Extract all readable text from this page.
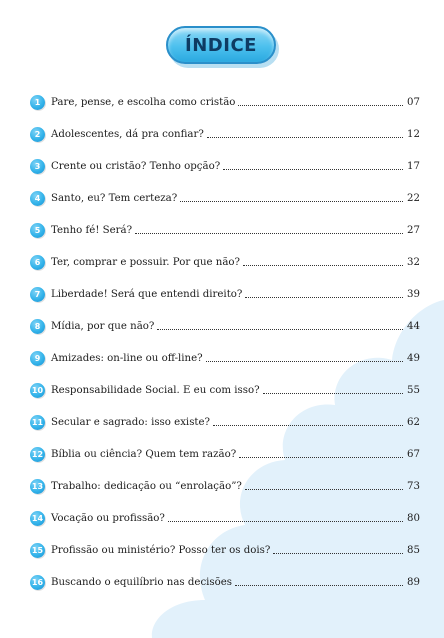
ÍNDICE
1	Pare, pense, e escolha como cristão	07
2	Adolescentes, dá pra confiar?	12
3	Crente ou cristão? Tenho opção?	17
4	Santo, eu? Tem certeza?	22
5	Tenho fé! Será?	27
6	Ter, comprar e possuir. Por que não?	32
7	Liberdade! Será que entendi direito?	39
8	Mídia, por que não?	44
9	Amizades: on-line ou off-line?	49
10 Responsabilidade Social. E eu com isso?	55
11 Secular e sagrado: isso existe?	62
12 Bíblia ou ciência? Quem tem razão?	67
13 Trabalho: dedicação ou “enrolação”?	73
14 Vocação ou profissão?	80
15 Profissão ou ministério? Posso ter os dois?	85
16 Buscando o equilíbrio nas decisões	89
